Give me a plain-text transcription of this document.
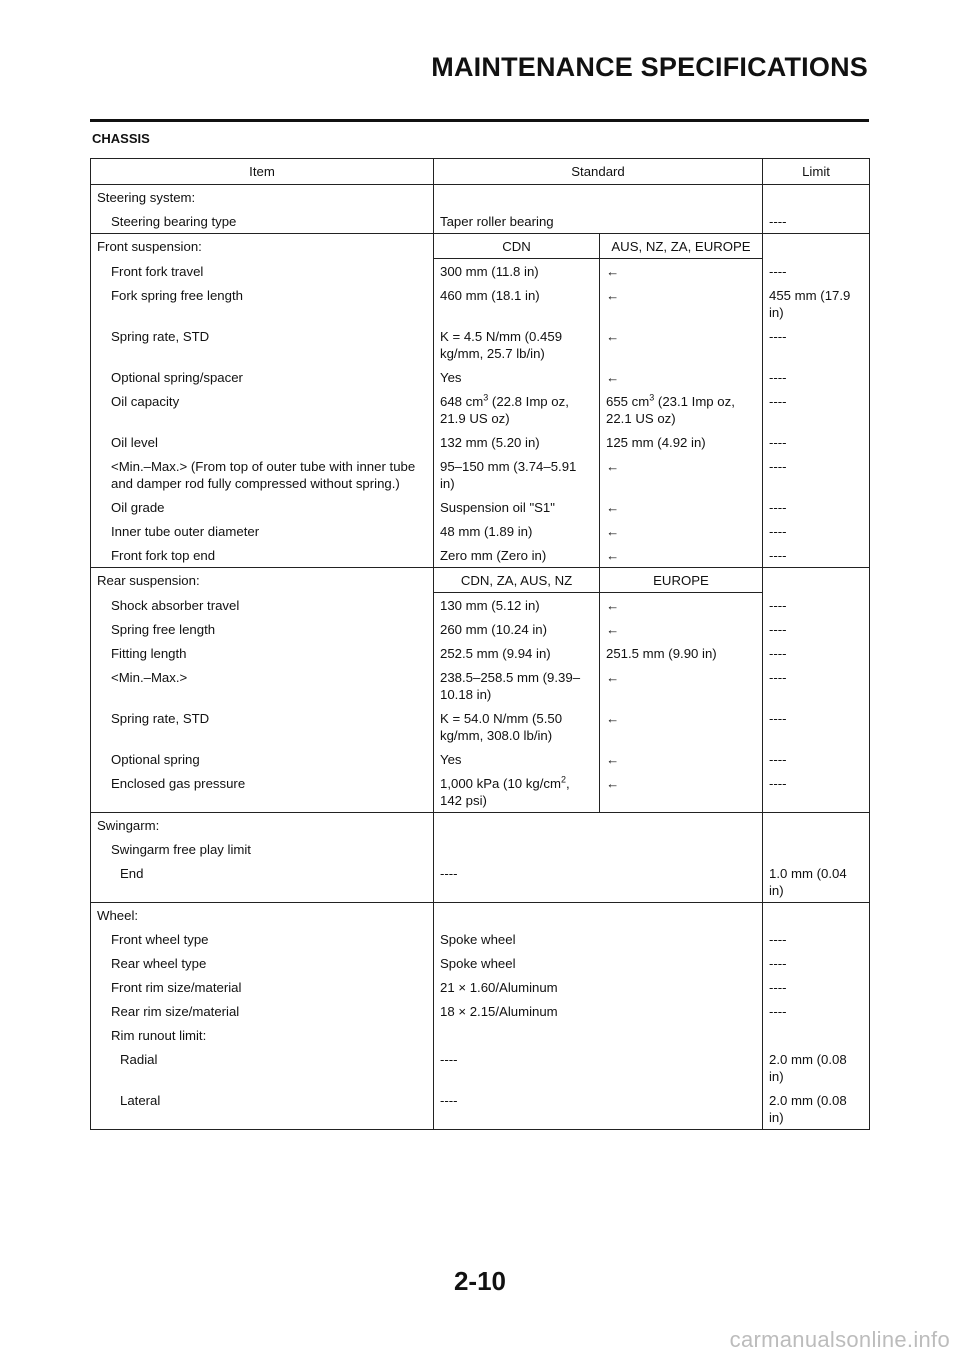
MAINTENANCE SPECIFICATIONS
CHASSIS
Item	Standard		Limit
Steering system:			
Steering bearing type	Taper roller bearing		----
Front suspension:	CDN	AUS, NZ, ZA, EUROPE	
Front fork travel	300 mm (11.8 in)	←	----
Fork spring free length	460 mm (18.1 in)	←	455 mm (17.9 in)
Spring rate, STD	K = 4.5 N/mm (0.459 kg/mm, 25.7 lb/in)	←	----
Optional spring/spacer	Yes	←	----
Oil capacity	648 $cm^3$ (22.8 Imp oz, 21.9 US oz)	655 $cm^3$ (23.1 Imp oz, 22.1 US oz)	----
Oil level	132 mm (5.20 in)	125 mm (4.92 in)	----
<Min.–Max.> (From top of outer tube with inner tube and damper rod fully compressed without spring.)	95–150 mm (3.74–5.91 in)	←	----
Oil grade	Suspension oil "S1"	←	----
Inner tube outer diameter	48 mm (1.89 in)	←	----
Front fork top end	Zero mm (Zero in)	←	----
Rear suspension:	CDN, ZA, AUS, NZ	EUROPE	
Shock absorber travel	130 mm (5.12 in)	←	----
Spring free length	260 mm (10.24 in)	←	----
Fitting length	252.5 mm (9.94 in)	251.5 mm (9.90 in)	----
<Min.–Max.>	238.5–258.5 mm (9.39–10.18 in)	←	----
Spring rate, STD	K = 54.0 N/mm (5.50 kg/mm, 308.0 lb/in)	←	----
Optional spring	Yes	←	----
Enclosed gas pressure	1,000 kPa (10 $kg/cm^2$, 142 psi)	←	----
Swingarm:			
Swingarm free play limit			
End	----		1.0 mm (0.04 in)
Wheel:			
Front wheel type	Spoke wheel		----
Rear wheel type	Spoke wheel		----
Front rim size/material	21 × 1.60/Aluminum		----
Rear rim size/material	18 × 2.15/Aluminum		----
Rim runout limit:			
Radial	----		2.0 mm (0.08 in)
Lateral	----		2.0 mm (0.08 in)
2-10
carmanualsonline.info
